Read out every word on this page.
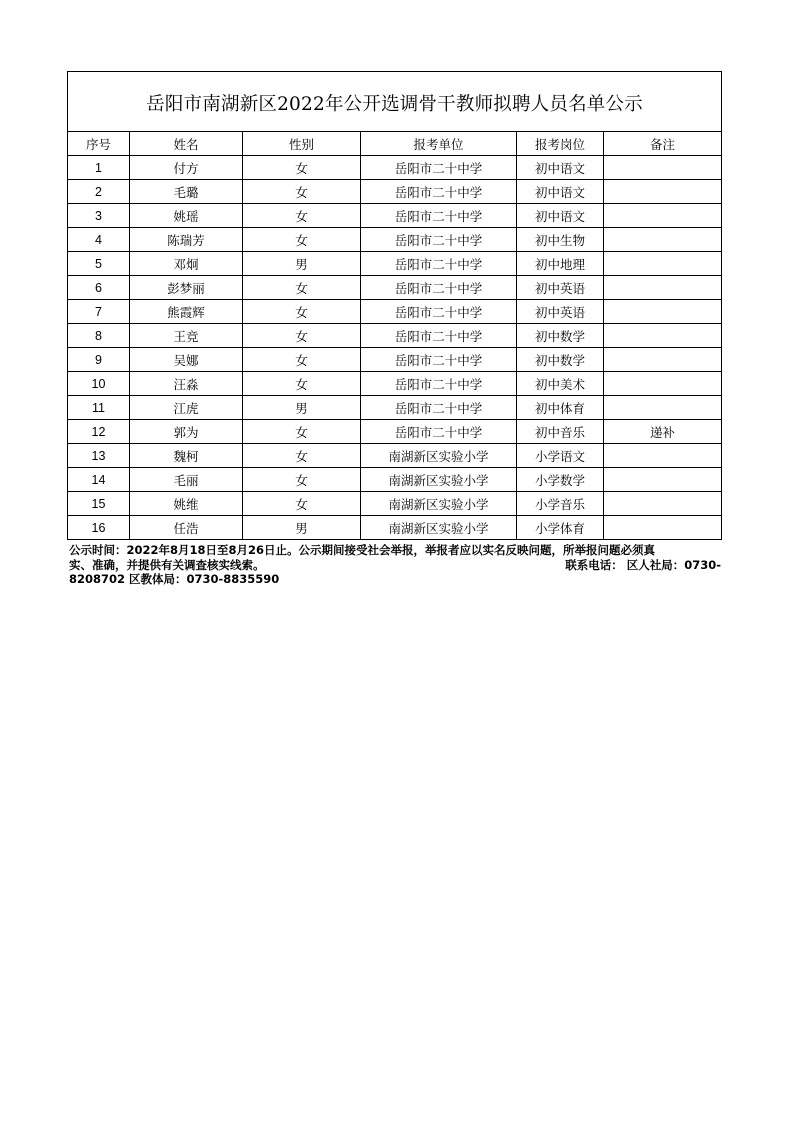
岳阳市南湖新区2022年公开选调骨干教师拟聘人员名单公示					
序号	姓名	性别	报考单位	报考岗位	备注
1	付方	女	岳阳市二十中学	初中语文	
2	毛璐	女	岳阳市二十中学	初中语文	
3	姚瑶	女	岳阳市二十中学	初中语文	
4	陈瑞芳	女	岳阳市二十中学	初中生物	
5	邓炯	男	岳阳市二十中学	初中地理	
6	彭梦丽	女	岳阳市二十中学	初中英语	
7	熊霞辉	女	岳阳市二十中学	初中英语	
8	王竞	女	岳阳市二十中学	初中数学	
9	吴娜	女	岳阳市二十中学	初中数学	
10	汪淼	女	岳阳市二十中学	初中美术	
11	江虎	男	岳阳市二十中学	初中体育	
12	郭为	女	岳阳市二十中学	初中音乐	递补
13	魏柯	女	南湖新区实验小学	小学语文	
14	毛丽	女	南湖新区实验小学	小学数学	
15	姚维	女	南湖新区实验小学	小学音乐	
16	任浩	男	南湖新区实验小学	小学体育	
公示时间：2022年8月18日至8月26日止。公示期间接受社会举报，举报者应以实名反映问题，所举报问题必须真
实、准确，并提供有关调查核实线索。	联系电话： 区人社局：0730-
8208702 区教体局：0730-8835590
